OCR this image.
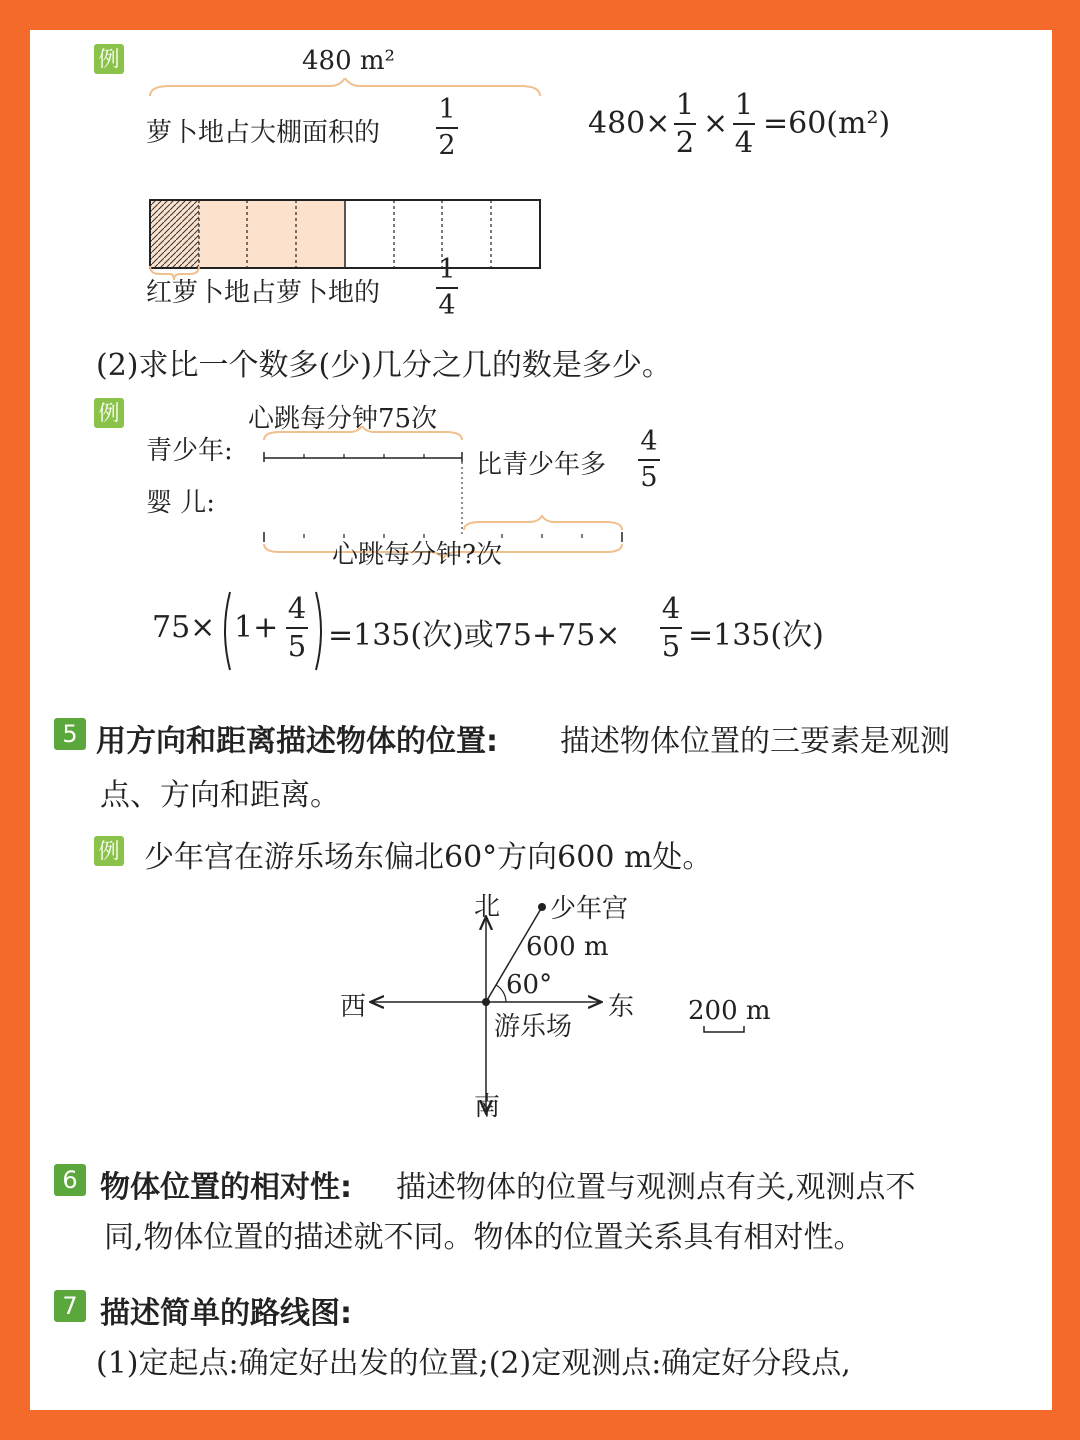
例	480 m²
萝卜地占大棚面积的
1
2
红萝卜地占萝卜地的
1
4
480×
1
2
×
1
4
=60(m²)
(2)求比一个数多(少)几分之几的数是多少。
例	心跳每分钟75次
青少年:
婴 儿:
比青少年多
4
5
心跳每分钟?次
75× 1+
4
5 =135(次)或75+75×
4
5 =135(次)
5 用方向和距离描述物体的位置: 描述物体位置的三要素是观测
点、方向和距离。
例 少年宫在游乐场东偏北60°方向600 m处。
北
南
东
西
少年宫
600 m
60°
游乐场
200 m
6 物体位置的相对性: 描述物体的位置与观测点有关,观测点不
同,物体位置的描述就不同。物体的位置关系具有相对性。
7 描述简单的路线图:
(1)定起点:确定好出发的位置;(2)定观测点:确定好分段点,
